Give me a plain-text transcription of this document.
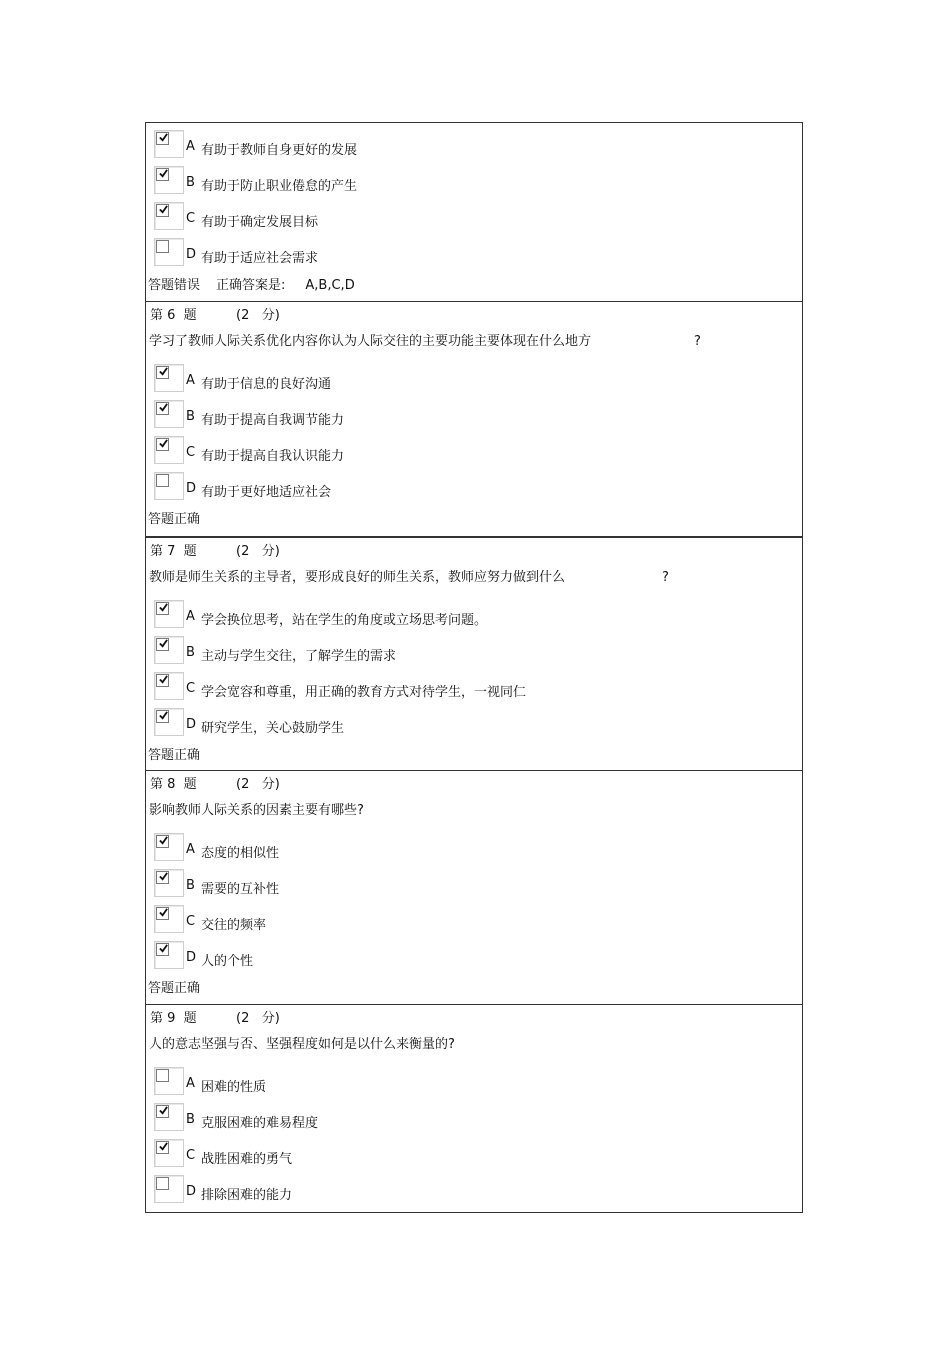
A 有助于教师自身更好的发展
B 有助于防止职业倦怠的产生
C 有助于确定发展目标
D 有助于适应社会需求
答题错误 正确答案是: A,B,C,D
第 6  题	(2   分)
学习了教师人际关系优化内容你认为人际交往的主要功能主要体现在什么地方	?
A 有助于信息的良好沟通
B 有助于提高自我调节能力
C 有助于提高自我认识能力
D 有助于更好地适应社会
答题正确
第 7  题	(2   分)
教师是师生关系的主导者，要形成良好的师生关系，教师应努力做到什么	?
A 学会换位思考，站在学生的角度或立场思考问题。
B 主动与学生交往，了解学生的需求
C 学会宽容和尊重，用正确的教育方式对待学生，一视同仁
D 研究学生，关心鼓励学生
答题正确
第 8  题	(2   分)
影响教师人际关系的因素主要有哪些?
A 态度的相似性
B 需要的互补性
C 交往的频率
D 人的个性
答题正确
第 9  题	(2   分)
人的意志坚强与否、坚强程度如何是以什么来衡量的?
A 困难的性质
B 克服困难的难易程度
C 战胜困难的勇气
D 排除困难的能力
